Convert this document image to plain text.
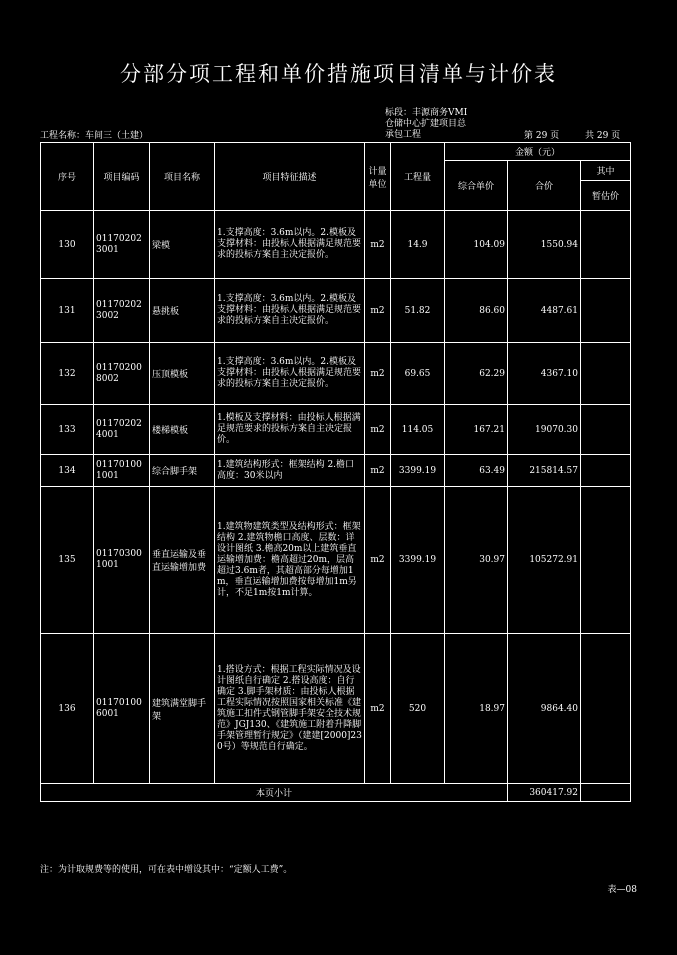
分部分项工程和单价措施项目清单与计价表
标段：丰源商务VMI
仓储中心扩建项目总
承包工程
工程名称：车间三（土建）	第 29 页	共 29 页
序号	项目编码	项目名称	项目特征描述	计量单位	工程量	金额（元）		
						综合单价	合价	其中
								暂估价
130	011702023001	梁模	1.支撑高度：3.6m以内。2.模板及支撑材料：由投标人根据满足规范要求的投标方案自主决定报价。	m2	14.9	104.09	1550.94	
131	011702023002	悬挑板	1.支撑高度：3.6m以内。2.模板及支撑材料：由投标人根据满足规范要求的投标方案自主决定报价。	m2	51.82	86.60	4487.61	
132	011702008002	压顶模板	1.支撑高度：3.6m以内。2.模板及支撑材料：由投标人根据满足规范要求的投标方案自主决定报价。	m2	69.65	62.29	4367.10	
133	011702024001	楼梯模板	1.模板及支撑材料：由投标人根据满足规范要求的投标方案自主决定报价。	m2	114.05	167.21	19070.30	
134	011701001001	综合脚手架	1.建筑结构形式：框架结构 2.檐口高度：30米以内	m2	3399.19	63.49	215814.57	
135	011703001001	垂直运输及垂直运输增加费	1.建筑物建筑类型及结构形式：框架结构 2.建筑物檐口高度、层数：详设计图纸 3.檐高20m以上建筑垂直运输增加费：檐高超过20m，层高超过3.6m者，其超高部分每增加1m，垂直运输增加费按每增加1m另计，不足1m按1m计算。	m2	3399.19	30.97	105272.91	
136	011701006001	建筑满堂脚手架	1.搭设方式：根据工程实际情况及设计图纸自行确定 2.搭设高度：自行确定 3.脚手架材质：由投标人根据工程实际情况按照国家相关标准《建筑施工扣件式钢管脚手架安全技术规范》JGJ130、《建筑施工附着升降脚手架管理暂行规定》（建建[2000]230号）等规范自行确定。	m2	520	18.97	9864.40	
本页小计							360417.92	
注：为计取规费等的使用，可在表中增设其中：“定额人工费”。
表—08
